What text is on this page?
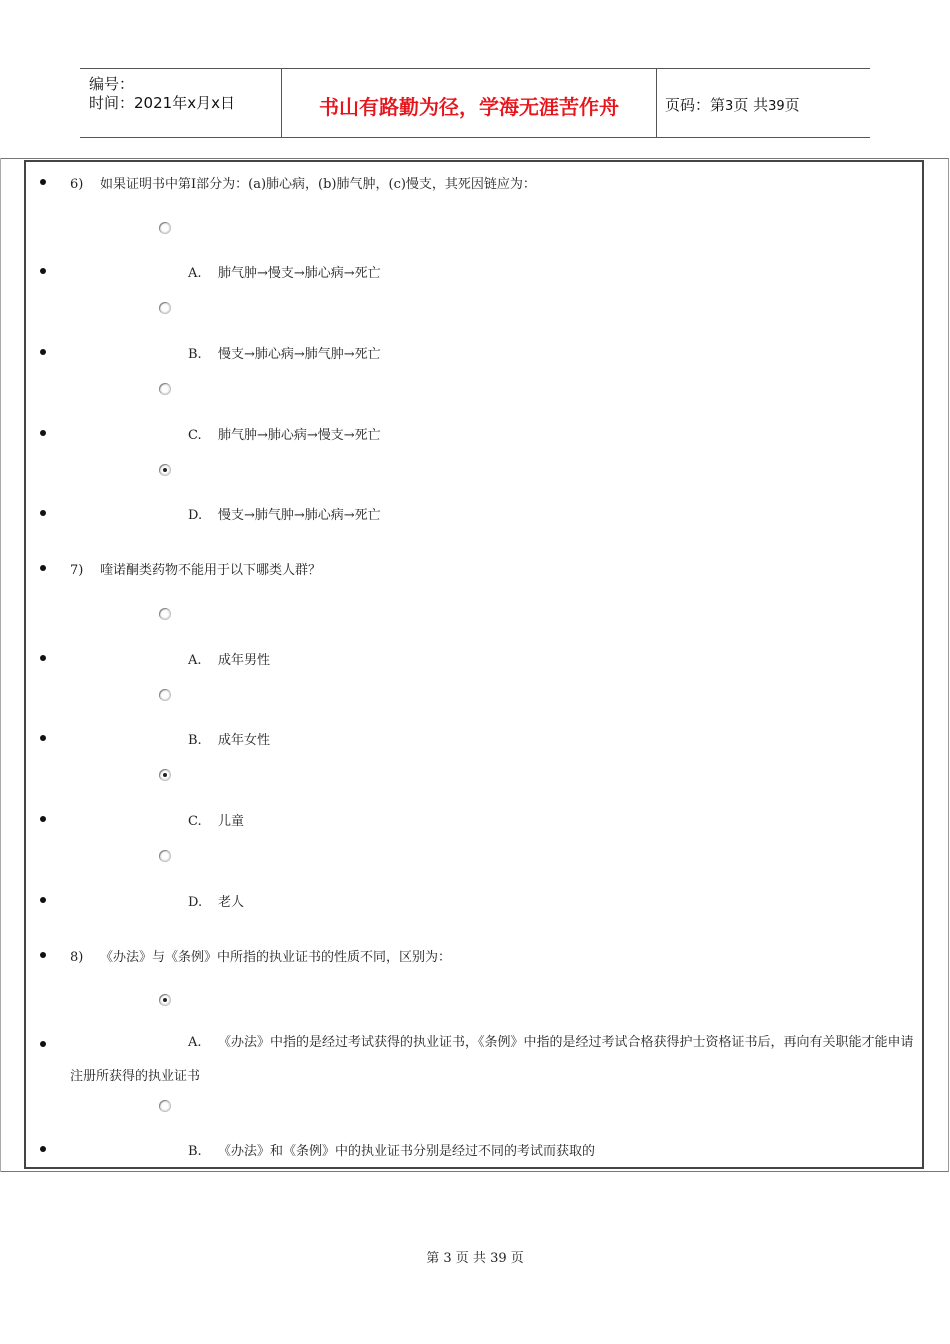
编号：
时间：2021年x月x日	书山有路勤为径，学海无涯苦作舟	页码：第3页 共39页
6) 如果证明书中第Ⅰ部分为：(a)肺心病，(b)肺气肿，(c)慢支，其死因链应为：
A. 肺气肿→慢支→肺心病→死亡
B. 慢支→肺心病→肺气肿→死亡
C. 肺气肿→肺心病→慢支→死亡
D. 慢支→肺气肿→肺心病→死亡
7) 喹诺酮类药物不能用于以下哪类人群？
A. 成年男性
B. 成年女性
C. 儿童
D. 老人
8) 《办法》与《条例》中所指的执业证书的性质不同，区别为：
A. 《办法》中指的是经过考试获得的执业证书，《条例》中指的是经过考试合格获得护士资格证书后，再向有关职能才能申请注册所获得的执业证书
B. 《办法》和《条例》中的执业证书分别是经过不同的考试而获取的
第 3 页 共 39 页
